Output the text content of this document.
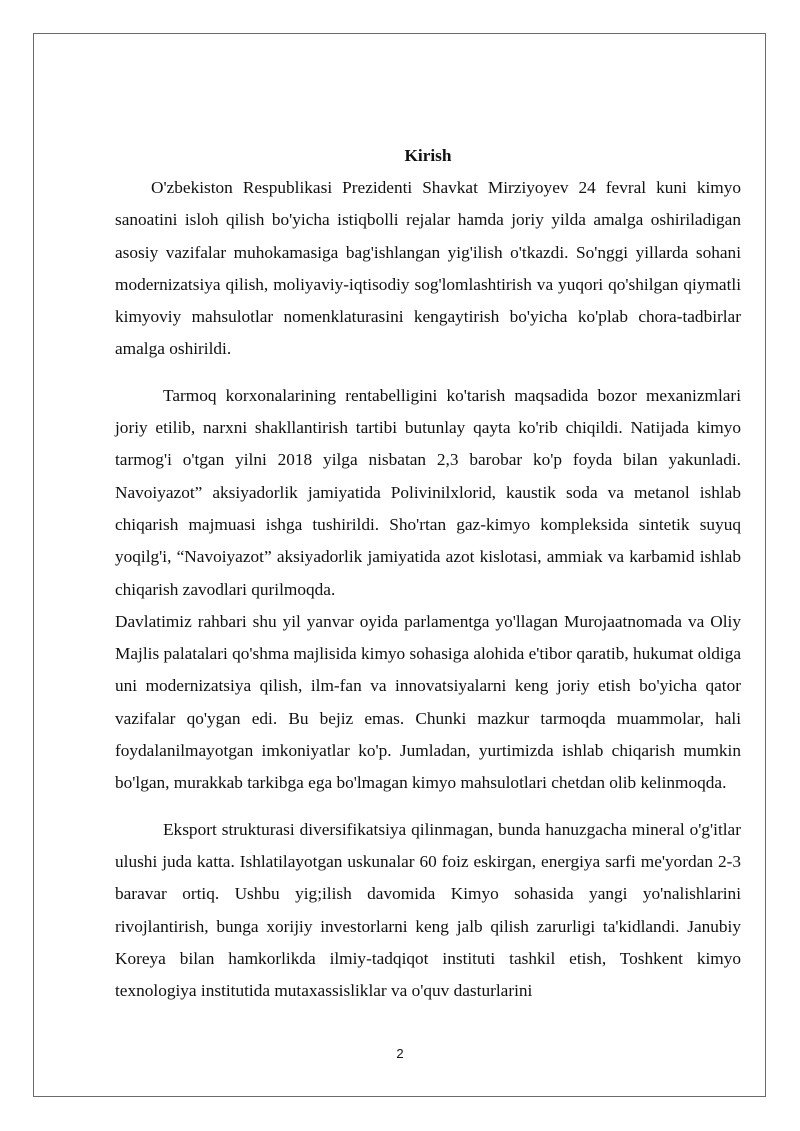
Kirish

O'zbekiston Respublikasi Prezidenti Shavkat Mirziyoyev 24 fevral kuni kimyo sanoatini isloh qilish bo'yicha istiqbolli rejalar hamda joriy yilda amalga oshiriladigan asosiy vazifalar muhokamasiga bag'ishlangan yig'ilish o'tkazdi. So'nggi yillarda sohani modernizatsiya qilish, moliyaviy-iqtisodiy sog'lomlashtirish va yuqori qo'shilgan qiymatli kimyoviy mahsulotlar nomenklaturasini kengaytirish bo'yicha ko'plab chora-tadbirlar amalga oshirildi.

Tarmoq korxonalarining rentabelligini ko'tarish maqsadida bozor mexanizmlari joriy etilib, narxni shakllantirish tartibi butunlay qayta ko'rib chiqildi. Natijada kimyo tarmog'i o'tgan yilni 2018 yilga nisbatan 2,3 barobar ko'p foyda bilan yakunladi. Navoiyazot” aksiyadorlik jamiyatida Polivinilxlorid, kaustik soda va metanol ishlab chiqarish majmuasi ishga tushirildi. Sho'rtan gaz-kimyo kompleksida sintetik suyuq yoqilg'i, “Navoiyazot” aksiyadorlik jamiyatida azot kislotasi, ammiak va karbamid ishlab chiqarish zavodlari qurilmoqda.

Davlatimiz rahbari shu yil yanvar oyida parlamentga yo'llagan Murojaatnomada va Oliy Majlis palatalari qo'shma majlisida kimyo sohasiga alohida e'tibor qaratib, hukumat oldiga uni modernizatsiya qilish, ilm-fan va innovatsiyalarni keng joriy etish bo'yicha qator vazifalar qo'ygan edi. Bu bejiz emas. Chunki mazkur tarmoqda muammolar, hali foydalanilmayotgan imkoniyatlar ko'p. Jumladan, yurtimizda ishlab chiqarish mumkin bo'lgan, murakkab tarkibga ega bo'lmagan kimyo mahsulotlari chetdan olib kelinmoqda.

Eksport strukturasi diversifikatsiya qilinmagan, bunda hanuzgacha mineral o'g'itlar ulushi juda katta. Ishlatilayotgan uskunalar 60 foiz eskirgan, energiya sarfi me'yordan 2-3 baravar ortiq. Ushbu yig;ilish davomida Kimyo sohasida yangi yo'nalishlarini rivojlantirish, bunga xorijiy investorlarni keng jalb qilish zarurligi ta'kidlandi. Janubiy Koreya bilan hamkorlikda ilmiy-tadqiqot instituti tashkil etish, Toshkent kimyo texnologiya institutida mutaxassisliklar va o'quv dasturlarini

2
